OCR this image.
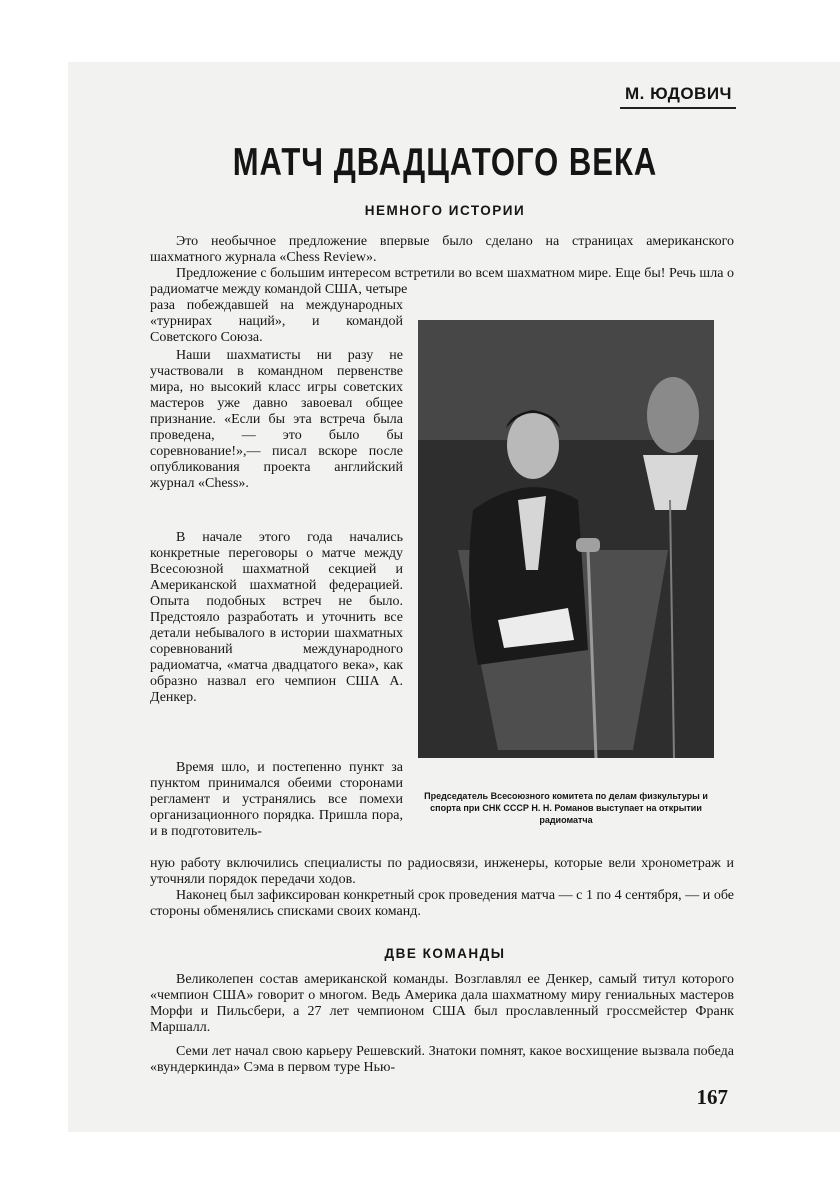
М. ЮДОВИЧ
МАТЧ ДВАДЦАТОГО ВЕКА
НЕМНОГО ИСТОРИИ

Это необычное предложение впервые было сделано на страницах американского шахматного журнала «Chess Review».

Предложение с большим интересом встретили во всем шахматном мире. Еще бы! Речь шла о радиоматче между командой США, четыре

раза побеждавшей на международных «турнирах наций», и командой Советского Союза.

Наши шахматисты ни разу не участвовали в командном первенстве мира, но высокий класс игры советских мастеров уже давно завоевал общее признание. «Если бы эта встреча была проведена, — это было бы соревнование!»,— писал вскоре после опубликования проекта английский журнал «Chess».

В начале этого года начались конкретные переговоры о матче между Всесоюзной шахматной секцией и Американской шахматной федерацией. Опыта подобных встреч не было. Предстояло разработать и уточнить все детали небывалого в истории шахматных соревнований международного радиоматча, «матча двадцатого века», как образно назвал его чемпион США А. Денкер.

Время шло, и постепенно пункт за пунктом принимался обеими сторонами регламент и устранялись все помехи организационного порядка. Пришла пора, и в подготовитель-

Председатель Всесоюзного комитета по делам физкультуры и спорта при СНК СССР Н. Н. Романов выступает на открытии радиоматча

ную работу включились специалисты по радиосвязи, инженеры, которые вели хронометраж и уточняли порядок передачи ходов.

Наконец был зафиксирован конкретный срок проведения матча — с 1 по 4 сентября, — и обе стороны обменялись списками своих команд.

ДВЕ КОМАНДЫ

Великолепен состав американской команды. Возглавлял ее Денкер, самый титул которого «чемпион США» говорит о многом. Ведь Америка дала шахматному миру гениальных мастеров Морфи и Пильсбери, а 27 лет чемпионом США был прославленный гроссмейстер Франк Маршалл.

Семи лет начал свою карьеру Решевский. Знатоки помнят, какое восхищение вызвала победа «вундеркинда» Сэма в первом туре Нью-

167
